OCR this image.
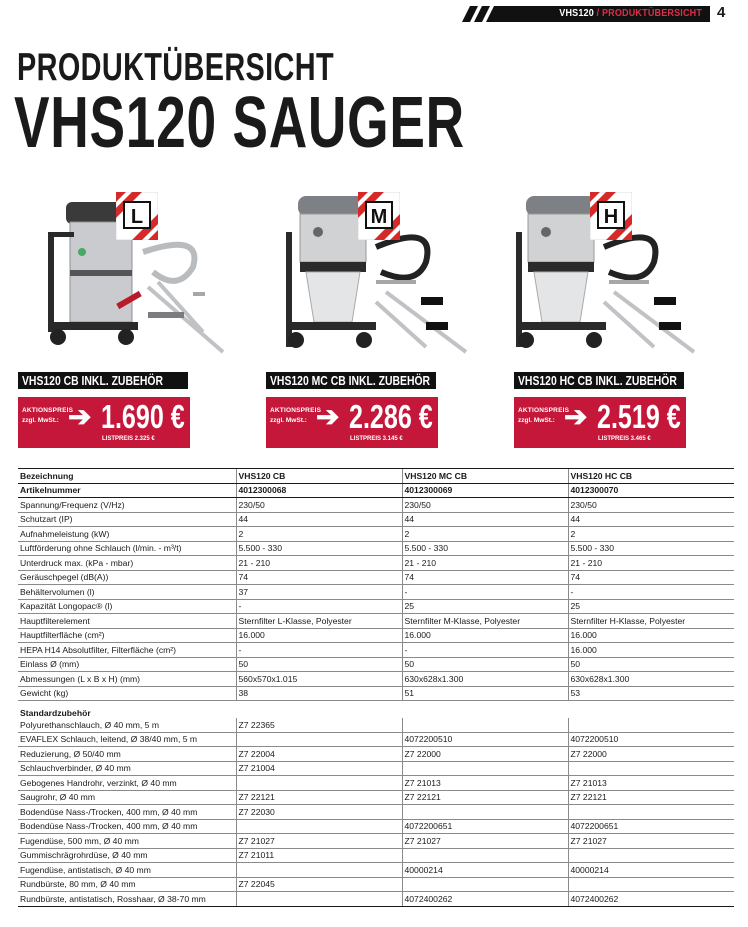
VHS120 / PRODUKTÜBERSICHT 4
PRODUKTÜBERSICHT
VHS120 SAUGER
L
VHS120 CB INKL. ZUBEHÖR
AKTIONSPREIS
zzgl. MwSt.: ➔ 1.690 €
LISTPREIS 2.325 €
M
VHS120 MC CB INKL. ZUBEHÖR
AKTIONSPREIS
zzgl. MwSt.: ➔ 2.286 €
LISTPREIS 3.145 €
H
VHS120 HC CB INKL. ZUBEHÖR
AKTIONSPREIS
zzgl. MwSt.: ➔ 2.519 €
LISTPREIS 3.465 €
Bezeichnung	VHS120 CB	VHS120 MC CB	VHS120 HC CB
Artikelnummer	4012300068	4012300069	4012300070
Spannung/Frequenz (V/Hz)	230/50	230/50	230/50
Schutzart (IP)	44	44	44
Aufnahmeleistung (kW)	2	2	2
Luftförderung ohne Schlauch (l/min. - m³/t)	5.500 - 330	5.500 - 330	5.500 - 330
Unterdruck max. (kPa - mbar)	21 - 210	21 - 210	21 - 210
Geräuschpegel (dB(A))	74	74	74
Behältervolumen (l)	37	-	-
Kapazität Longopac® (l)	-	25	25
Hauptfilterelement	Sternfilter L-Klasse, Polyester	Sternfilter M-Klasse, Polyester	Sternfilter H-Klasse, Polyester
Hauptfilterfläche (cm²)	16.000	16.000	16.000
HEPA H14 Absolutfilter, Filterfläche (cm²)	-	-	16.000
Einlass Ø (mm)	50	50	50
Abmessungen (L x B x H) (mm)	560x570x1.015	630x628x1.300	630x628x1.300
Gewicht (kg)	38	51	53
Standardzubehör			
Polyurethanschlauch, Ø 40 mm, 5 m	Z7 22365		
EVAFLEX Schlauch, leitend, Ø 38/40 mm, 5 m		4072200510	4072200510
Reduzierung, Ø 50/40 mm	Z7 22004	Z7 22000	Z7 22000
Schlauchverbinder, Ø 40 mm	Z7 21004		
Gebogenes Handrohr, verzinkt, Ø 40 mm		Z7 21013	Z7 21013
Saugrohr, Ø 40 mm	Z7 22121	Z7 22121	Z7 22121
Bodendüse Nass-/Trocken, 400 mm, Ø 40 mm	Z7 22030		
Bodendüse Nass-/Trocken, 400 mm, Ø 40 mm		4072200651	4072200651
Fugendüse, 500 mm, Ø 40 mm	Z7 21027	Z7 21027	Z7 21027
Gummischrägrohrdüse, Ø 40 mm	Z7 21011		
Fugendüse, antistatisch, Ø 40 mm		40000214	40000214
Rundbürste, 80 mm, Ø 40 mm	Z7 22045		
Rundbürste, antistatisch, Rosshaar, Ø 38-70 mm		4072400262	4072400262
